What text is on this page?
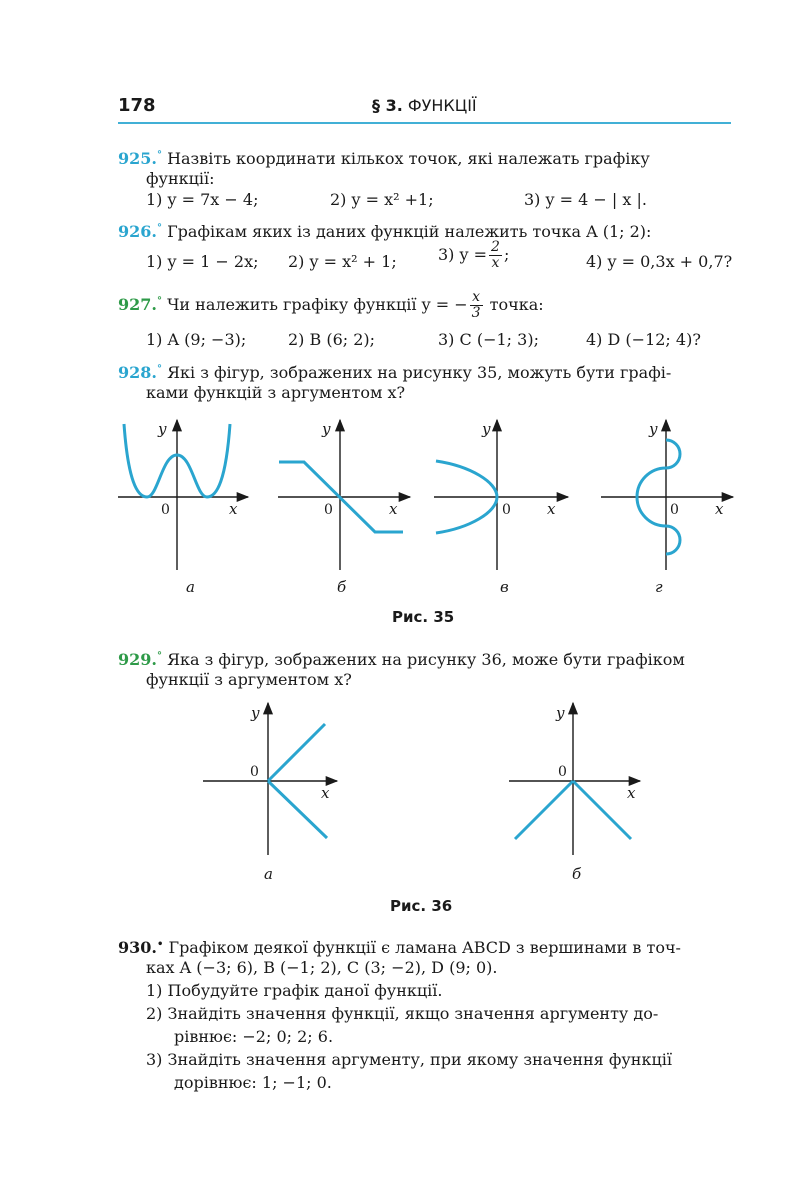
178	§ 3. ФУНКЦІЇ
925.° Назвіть координати кількох точок, які належать графіку
функції:
1) y = 7x − 4;	2) y = x² +1;	3) y = 4 − | x |.
926.° Графікам яких із даних функцій належить точка A (1; 2):
1) y = 1 − 2x; 2) y = x² + 1;	3) $y = \frac{2}{x}$ ;	4) y = 0,3x + 0,7?
927.° Чи належить графіку функції y = − $\frac{x}{3}$ точка:
1) A (9; −3);	2) B (6; 2);	3) C (−1; 3);	4) D (−12; 4)?
928.° Які з фігур, зображених на рисунку 35, можуть бути графі-
ками функцій з аргументом x?
y
x
0
а
y
x
0
б
y
x
0
в
y
x
0
г
y
x
0
а
y
x
0
б
Рис. 35
929.° Яка з фігур, зображених на рисунку 36, може бути графіком
функції з аргументом x?
Рис. 36
930.• Графіком деякої функції є ламана ABCD з вершинами в точ-
ках A (−3; 6), B (−1; 2), C (3; −2), D (9; 0).
1) Побудуйте графік даної функції.
2) Знайдіть значення функції, якщо значення аргументу до-
рівнює: −2; 0; 2; 6.
3) Знайдіть значення аргументу, при якому значення функції
дорівнює: 1; −1; 0.
